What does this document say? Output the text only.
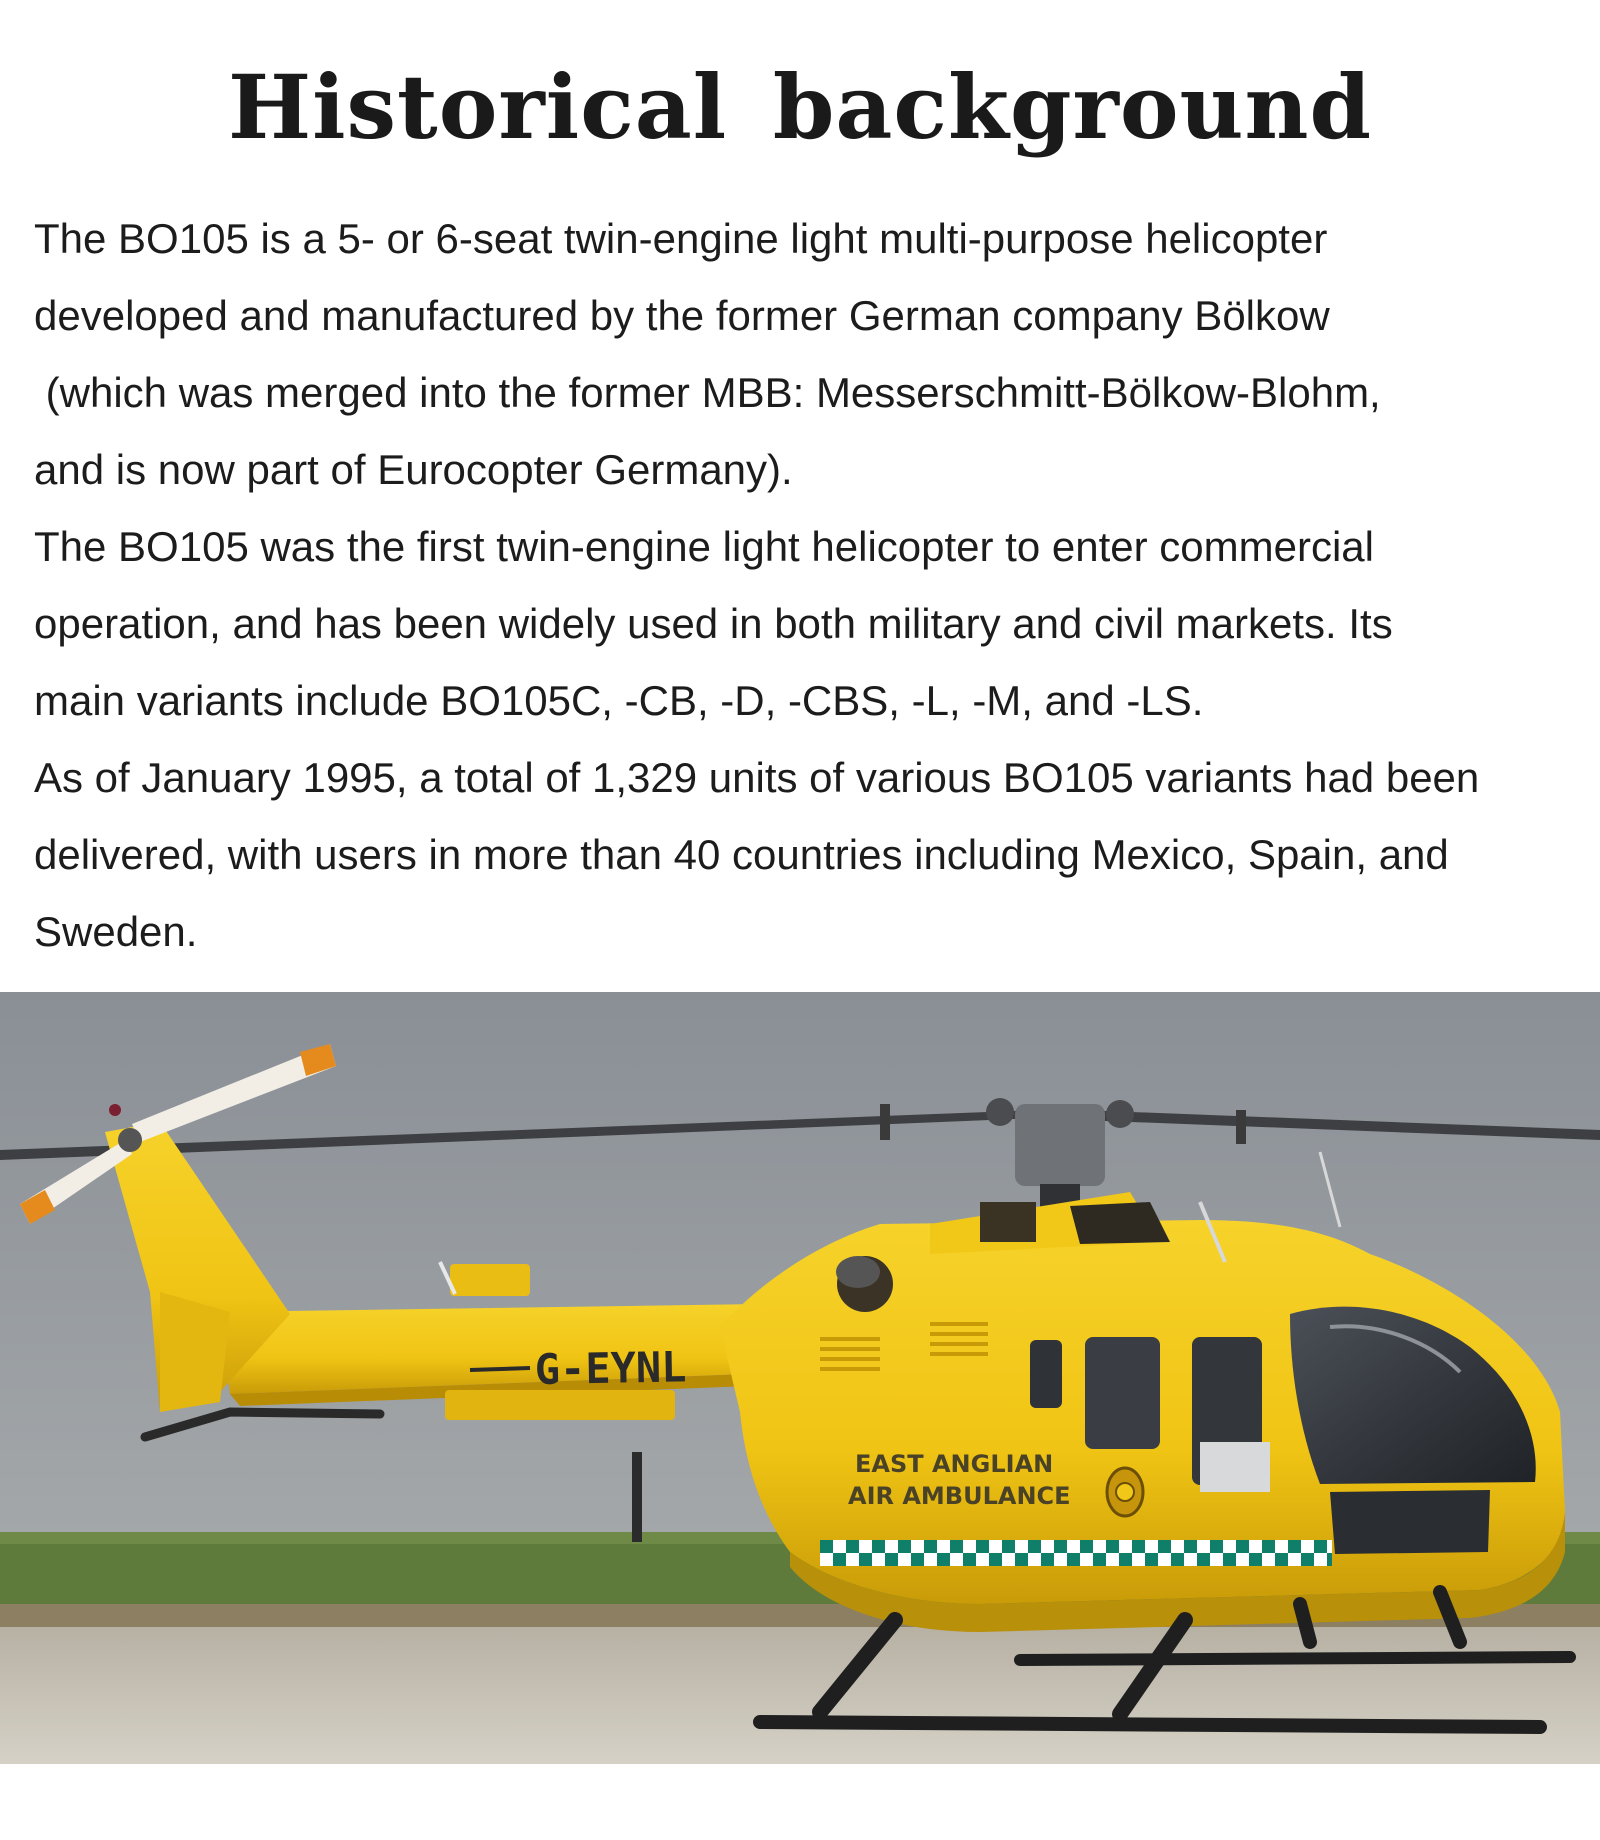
Historical background
The BO105 is a 5- or 6-seat twin-engine light multi-purpose helicopter
developed and manufactured by the former German company Bölkow
(which was merged into the former MBB: Messerschmitt-Bölkow-Blohm,
and is now part of Eurocopter Germany).
The BO105 was the first twin-engine light helicopter to enter commercial
operation, and has been widely used in both military and civil markets. Its
main variants include BO105C, -CB, -D, -CBS, -L, -M, and -LS.
As of January 1995, a total of 1,329 units of various BO105 variants had been
delivered, with users in more than 40 countries including Mexico, Spain, and
Sweden.
G-EYNL
EAST ANGLIAN
AIR AMBULANCE
